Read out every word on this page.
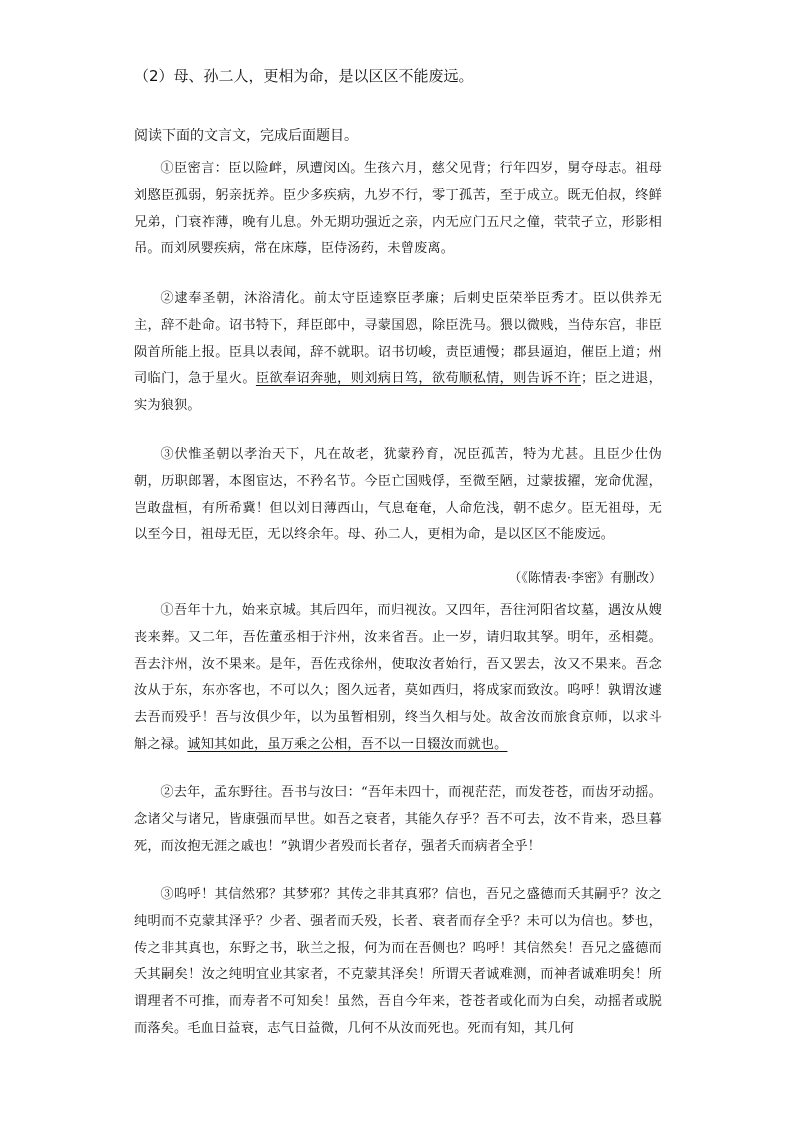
（2）母、孙二人，更相为命，是以区区不能废远。
阅读下面的文言文，完成后面题目。
①臣密言：臣以险衅，夙遭闵凶。生孩六月，慈父见背；行年四岁，舅夺母志。祖母刘愍臣孤弱，躬亲抚养。臣少多疾病，九岁不行，零丁孤苦，至于成立。既无伯叔，终鲜兄弟，门衰祚薄，晚有儿息。外无期功强近之亲，内无应门五尺之僮，茕茕孑立，形影相吊。而刘夙婴疾病，常在床蓐，臣侍汤药，未曾废离。
②逮奉圣朝，沐浴清化。前太守臣逵察臣孝廉；后刺史臣荣举臣秀才。臣以供养无主，辞不赴命。诏书特下，拜臣郎中，寻蒙国恩，除臣洗马。猥以微贱，当侍东宫，非臣陨首所能上报。臣具以表闻，辞不就职。诏书切峻，责臣逋慢；郡县逼迫，催臣上道；州司临门，急于星火。臣欲奉诏奔驰，则刘病日笃，欲苟顺私情，则告诉不许；臣之进退，实为狼狈。
③伏惟圣朝以孝治天下，凡在故老，犹蒙矜育，况臣孤苦，特为尤甚。且臣少仕伪朝，历职郎署，本图宦达，不矜名节。今臣亡国贱俘，至微至陋，过蒙拔擢，宠命优渥，岂敢盘桓，有所希冀！但以刘日薄西山，气息奄奄，人命危浅，朝不虑夕。臣无祖母，无以至今日，祖母无臣，无以终余年。母、孙二人，更相为命，是以区区不能废远。
（《陈情表·李密》有删改）
①吾年十九，始来京城。其后四年，而归视汝。又四年，吾往河阳省坟墓，遇汝从嫂丧来葬。又二年，吾佐董丞相于汴州，汝来省吾。止一岁，请归取其孥。明年，丞相薨。吾去汴州，汝不果来。是年，吾佐戎徐州，使取汝者始行，吾又罢去，汝又不果来。吾念汝从于东，东亦客也，不可以久；图久远者，莫如西归，将成家而致汝。呜呼！孰谓汝遽去吾而殁乎！吾与汝俱少年，以为虽暂相别，终当久相与处。故舍汝而旅食京师，以求斗斛之禄。诚知其如此，虽万乘之公相，吾不以一日辍汝而就也。
②去年，孟东野往。吾书与汝曰：“吾年未四十，而视茫茫，而发苍苍，而齿牙动摇。念诸父与诸兄，皆康强而早世。如吾之衰者，其能久存乎？吾不可去，汝不肯来，恐旦暮死，而汝抱无涯之戚也！”孰谓少者殁而长者存，强者夭而病者全乎！
③呜呼！其信然邪？其梦邪？其传之非其真邪？信也，吾兄之盛德而夭其嗣乎？汝之纯明而不克蒙其泽乎？少者、强者而夭殁，长者、衰者而存全乎？未可以为信也。梦也，传之非其真也，东野之书，耿兰之报，何为而在吾侧也？呜呼！其信然矣！吾兄之盛德而夭其嗣矣！汝之纯明宜业其家者，不克蒙其泽矣！所谓天者诚难测，而神者诚难明矣！所谓理者不可推，而寿者不可知矣！虽然，吾自今年来，苍苍者或化而为白矣，动摇者或脱而落矣。毛血日益衰，志气日益微，几何不从汝而死也。死而有知，其几何
